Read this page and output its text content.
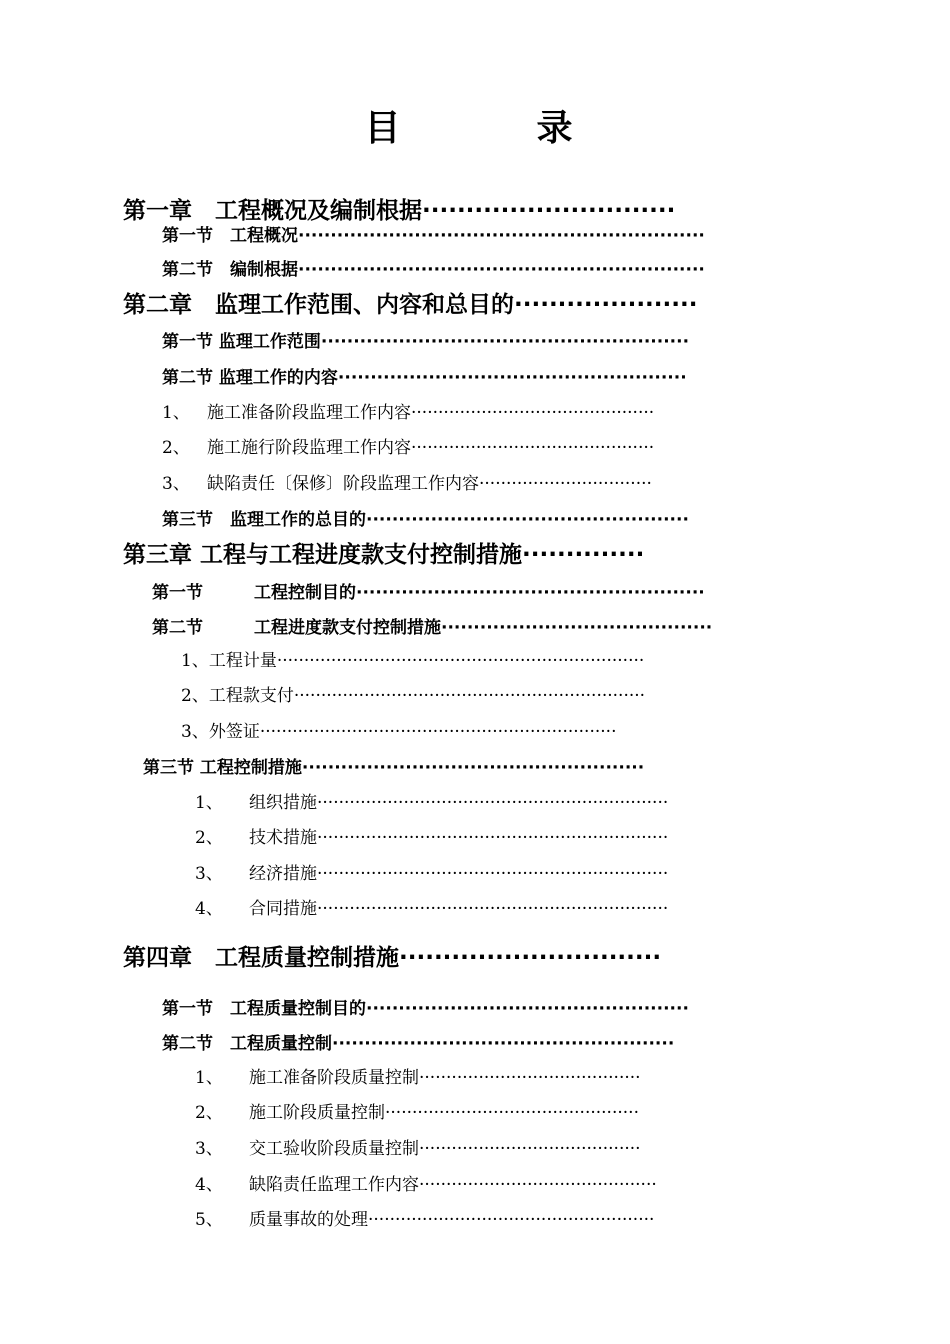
目　录
第一章　工程概况及编制根据·····························
第一节　工程概况·······························································
第二节　编制根据·······························································
第二章　监理工作范围、内容和总目的·····················
第一节 监理工作范围·························································
第二节 监理工作的内容······················································
1、 施工准备阶段监理工作内容·············································
2、 施工施行阶段监理工作内容·············································
3、 缺陷责任〔保修〕阶段监理工作内容································
第三节　监理工作的总目的··················································
第三章 工程与工程进度款支付控制措施··············
第一节　　　工程控制目的······················································
第二节　　　工程进度款支付控制措施··········································
1、工程计量····································································
2、工程款支付·································································
3、外签证··································································
第三节 工程控制措施·····················································
1、 组织措施·································································
2、 技术措施·································································
3、 经济措施·································································
4、 合同措施·································································
第四章　工程质量控制措施······························
第一节　工程质量控制目的··················································
第二节　工程质量控制·····················································
1、 施工准备阶段质量控制·········································
2、 施工阶段质量控制···············································
3、 交工验收阶段质量控制·········································
4、 缺陷责任监理工作内容············································
5、 质量事故的处理·····················································
